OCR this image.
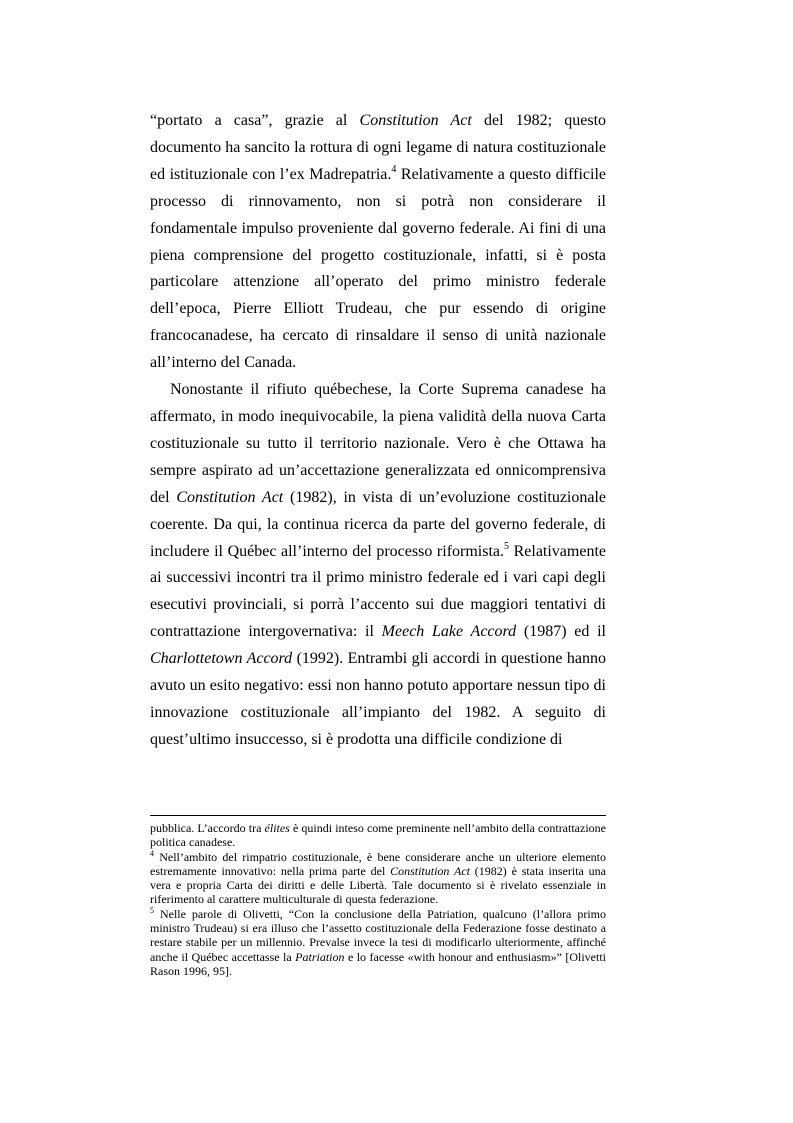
“portato a casa”, grazie al Constitution Act del 1982; questo documento ha sancito la rottura di ogni legame di natura costituzionale ed istituzionale con l’ex Madrepatria.$^4$ Relativamente a questo difficile processo di rinnovamento, non si potrà non considerare il fondamentale impulso proveniente dal governo federale. Ai fini di una piena comprensione del progetto costituzionale, infatti, si è posta particolare attenzione all’operato del primo ministro federale dell’epoca, Pierre Elliott Trudeau, che pur essendo di origine francocanadese, ha cercato di rinsaldare il senso di unità nazionale all’interno del Canada.

Nonostante il rifiuto québechese, la Corte Suprema canadese ha affermato, in modo inequivocabile, la piena validità della nuova Carta costituzionale su tutto il territorio nazionale. Vero è che Ottawa ha sempre aspirato ad un’accettazione generalizzata ed onnicomprensiva del Constitution Act (1982), in vista di un’evoluzione costituzionale coerente. Da qui, la continua ricerca da parte del governo federale, di includere il Québec all’interno del processo riformista.$^5$ Relativamente ai successivi incontri tra il primo ministro federale ed i vari capi degli esecutivi provinciali, si porrà l’accento sui due maggiori tentativi di contrattazione intergovernativa: il Meech Lake Accord (1987) ed il Charlottetown Accord (1992). Entrambi gli accordi in questione hanno avuto un esito negativo: essi non hanno potuto apportare nessun tipo di innovazione costituzionale all’impianto del 1982. A seguito di quest’ultimo insuccesso, si è prodotta una difficile condizione di

pubblica. L’accordo tra élites è quindi inteso come preminente nell’ambito della contrattazione politica canadese.

$^4$ Nell’ambito del rimpatrio costituzionale, è bene considerare anche un ulteriore elemento estremamente innovativo: nella prima parte del Constitution Act (1982) è stata inserita una vera e propria Carta dei diritti e delle Libertà. Tale documento si è rivelato essenziale in riferimento al carattere multiculturale di questa federazione.

$^5$ Nelle parole di Olivetti, “Con la conclusione della Patriation, qualcuno (l’allora primo ministro Trudeau) si era illuso che l’assetto costituzionale della Federazione fosse destinato a restare stabile per un millennio. Prevalse invece la tesi di modificarlo ulteriormente, affinché anche il Québec accettasse la Patriation e lo facesse «with honour and enthusiasm»” [Olivetti Rason 1996, 95].
